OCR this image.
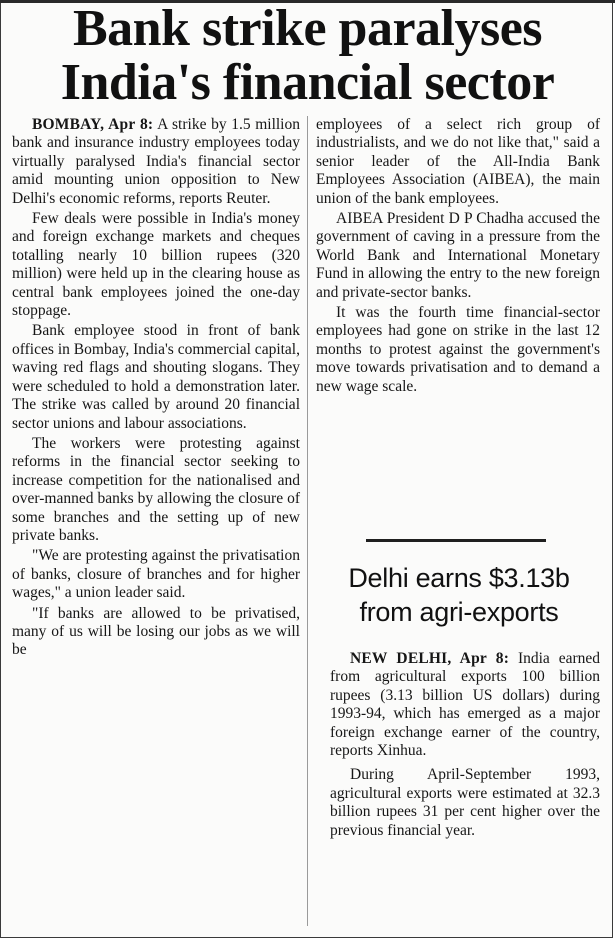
Bank strike paralyses
India's financial sector

BOMBAY, Apr 8: A strike by 1.5 million bank and insurance industry employees today virtually paralysed India's financial sector amid mounting union opposition to New Delhi's economic reforms, reports Reuter.

Few deals were possible in India's money and foreign exchange markets and cheques totalling nearly 10 billion rupees (320 million) were held up in the clearing house as central bank employees joined the one-day stoppage.

Bank employee stood in front of bank offices in Bombay, India's commercial capital, waving red flags and shouting slogans. They were scheduled to hold a demonstration later. The strike was called by around 20 financial sector unions and labour associations.

The workers were protesting against reforms in the financial sector seeking to increase competition for the nationalised and over-manned banks by allowing the closure of some branches and the setting up of new private banks.

"We are protesting against the privatisation of banks, closure of branches and for higher wages," a union leader said.

"If banks are allowed to be privatised, many of us will be losing our jobs as we will be

employees of a select rich group of industrialists, and we do not like that," said a senior leader of the All-India Bank Employees Association (AIBEA), the main union of the bank employees.

AIBEA President D P Chadha accused the government of caving in a pressure from the World Bank and International Monetary Fund in allowing the entry to the new foreign and private-sector banks.

It was the fourth time financial-sector employees had gone on strike in the last 12 months to protest against the government's move towards privatisation and to demand a new wage scale.

Delhi earns $3.13b
from agri-exports

NEW DELHI, Apr 8: India earned from agricultural exports 100 billion rupees (3.13 billion US dollars) during 1993-94, which has emerged as a major foreign exchange earner of the country, reports Xinhua.

During April-September 1993, agricultural exports were estimated at 32.3 billion rupees 31 per cent higher over the previous financial year.
